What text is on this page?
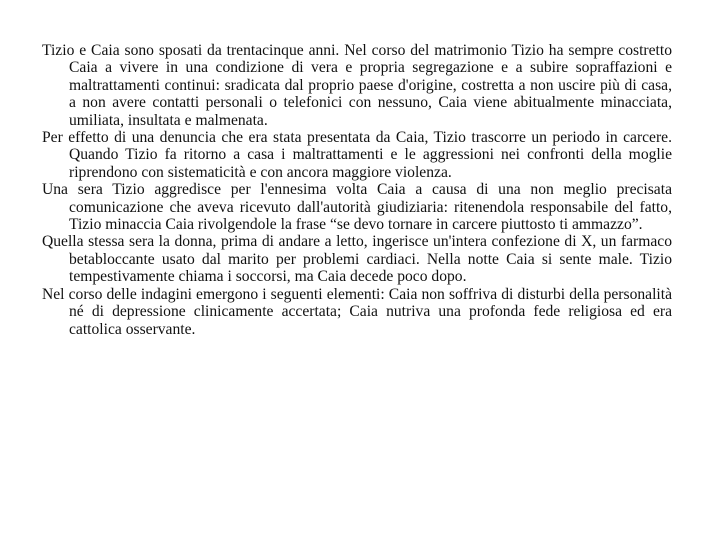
Tizio e Caia sono sposati da trentacinque anni. Nel corso del matrimonio Tizio ha sempre costretto Caia a vivere in una condizione di vera e propria segregazione e a subire sopraffazioni e maltrattamenti continui: sradicata dal proprio paese d'origine, costretta a non uscire più di casa, a non avere contatti personali o telefonici con nessuno, Caia viene abitualmente minacciata, umiliata, insultata e malmenata.

Per effetto di una denuncia che era stata presentata da Caia, Tizio trascorre un periodo in carcere. Quando Tizio fa ritorno a casa i maltrattamenti e le aggressioni nei confronti della moglie riprendono con sistematicità e con ancora maggiore violenza.

Una sera Tizio aggredisce per l'ennesima volta Caia a causa di una non meglio precisata comunicazione che aveva ricevuto dall'autorità giudiziaria: ritenendola responsabile del fatto, Tizio minaccia Caia rivolgendole la frase “se devo tornare in carcere piuttosto ti ammazzo”.

Quella stessa sera la donna, prima di andare a letto, ingerisce un'intera confezione di X, un farmaco betabloccante usato dal marito per problemi cardiaci. Nella notte Caia si sente male. Tizio tempestivamente chiama i soccorsi, ma Caia decede poco dopo.

Nel corso delle indagini emergono i seguenti elementi: Caia non soffriva di disturbi della personalità né di depressione clinicamente accertata; Caia nutriva una profonda fede religiosa ed era cattolica osservante.
